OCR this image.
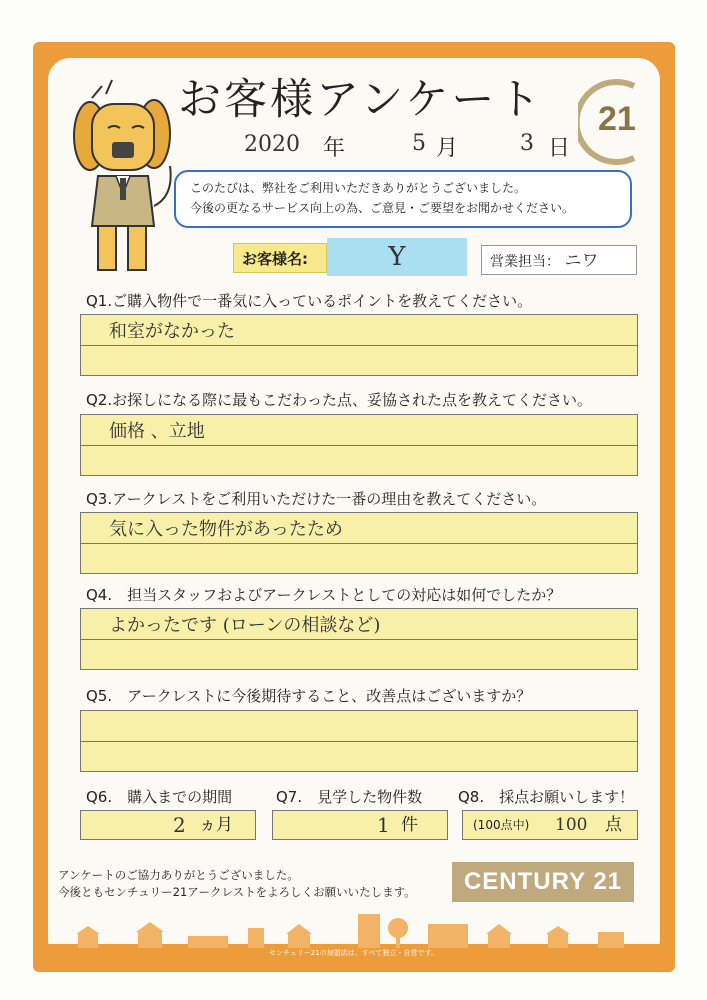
お客様アンケート
2020 年	5 月	3 日
21
このたびは、弊社をご利用いただきありがとうございました。
今後の更なるサービス向上の為、ご意見・ご要望をお聞かせください。
お客様名:	Y	営業担当： ニワ
Q1.ご購入物件で一番気に入っているポイントを教えてください。
和室がなかった
Q2.お探しになる際に最もこだわった点、妥協された点を教えてください。
価格 、立地
Q3.アークレストをご利用いただけた一番の理由を教えてください。
気に入った物件があったため
Q4.　担当スタッフおよびアークレストとしての対応は如何でしたか？
よかったです (ローンの相談など)
Q5.　アークレストに今後期待すること、改善点はございますか？
Q6.　購入までの期間	Q7.　見学した物件数 Q8.　採点お願いします！
2 ヵ月	1 件	(100点中) 100 点
アンケートのご協力ありがとうございました。
今後ともセンチュリー21アークレストをよろしくお願いいたします。	CENTURY 21
センチュリー21の加盟店は、すべて独立・自営です。
